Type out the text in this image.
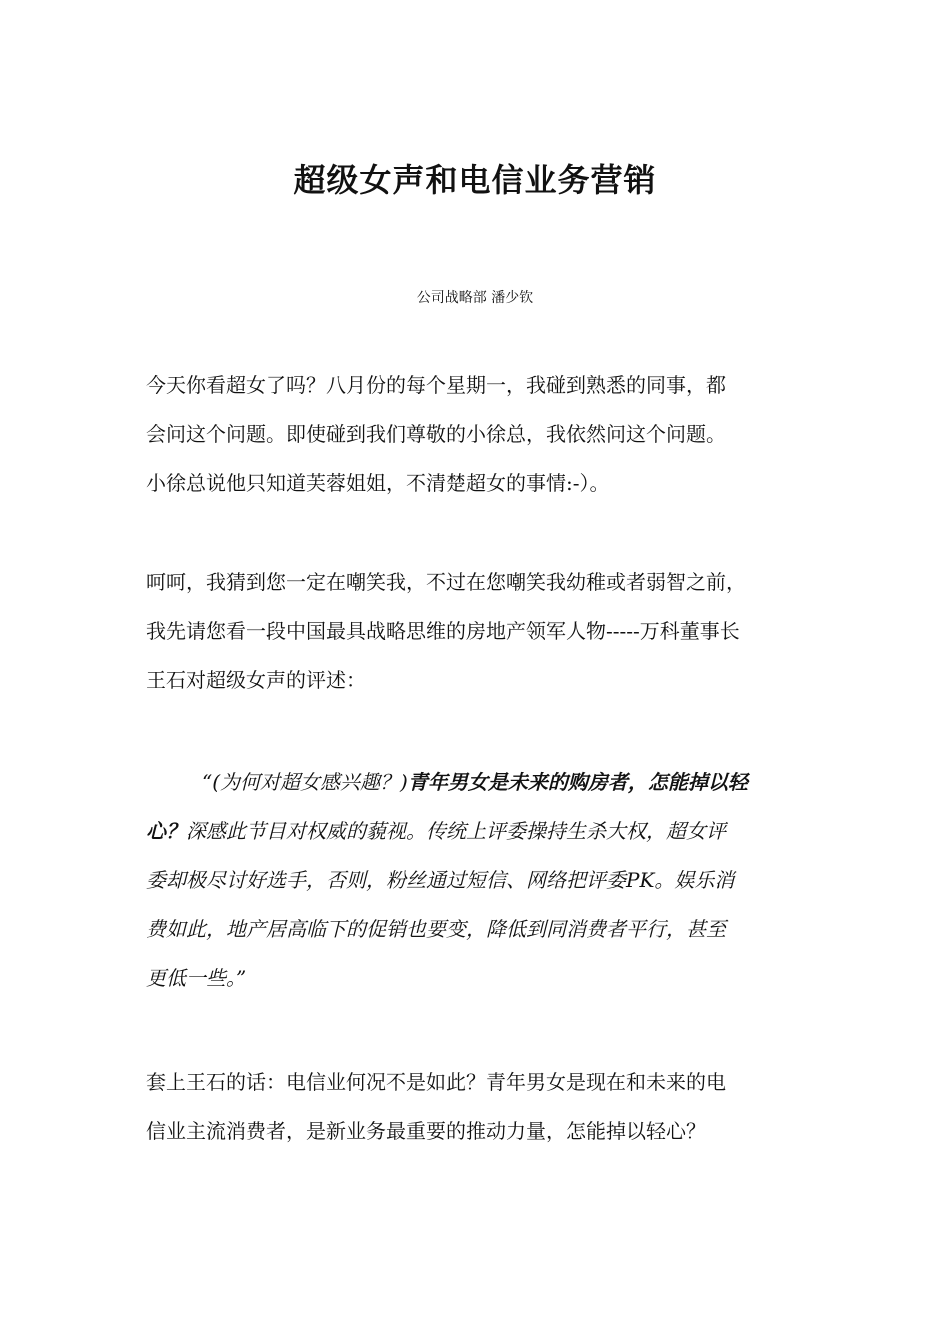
超级女声和电信业务营销
公司战略部 潘少钦
今天你看超女了吗？八月份的每个星期一，我碰到熟悉的同事，都
会问这个问题。即使碰到我们尊敬的小徐总，我依然问这个问题。
小徐总说他只知道芙蓉姐姐，不清楚超女的事情:-）。
呵呵，我猜到您一定在嘲笑我，不过在您嘲笑我幼稚或者弱智之前，
我先请您看一段中国最具战略思维的房地产领军人物-----万科董事长
王石对超级女声的评述：
“(为何对超女感兴趣？)青年男女是未来的购房者，怎能掉以轻
心？深感此节目对权威的藐视。传统上评委操持生杀大权，超女评
委却极尽讨好选手，否则，粉丝通过短信、网络把评委PK。娱乐消
费如此，地产居高临下的促销也要变，降低到同消费者平行，甚至
更低一些。”
套上王石的话：电信业何况不是如此？青年男女是现在和未来的电
信业主流消费者，是新业务最重要的推动力量，怎能掉以轻心？
